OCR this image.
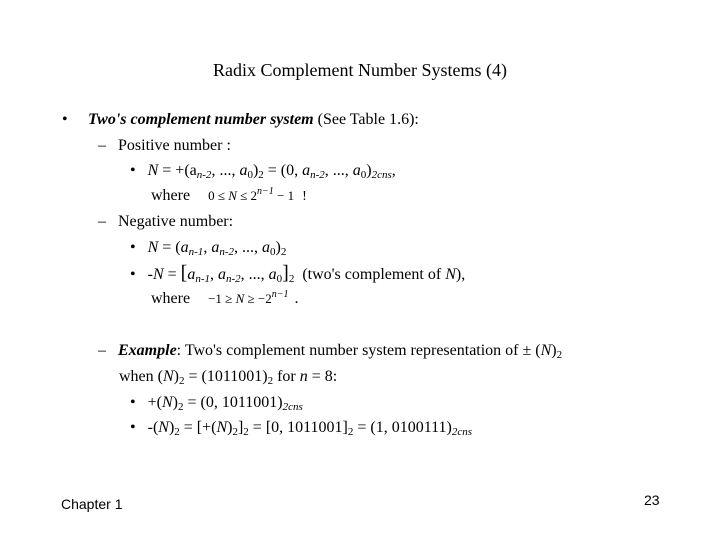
Radix Complement Number Systems (4)
• Two's complement number system (See Table 1.6):
– Positive number :
• $N = +(a_{n-2}$, ..., $a_0)_2 = (0$, $a_{n-2}$, ..., $a_0)_{2cns}$,
where $0 \le N \le 2^{n-1} - 1$ !
– Negative number:
• $N = (a_{n-1}$, $a_{n-2}$, ..., $a_0)_2$
• $-N = [a_{n-1}$, $a_{n-2}$, ..., $a_0]_2$  (two's complement of N),
where $-1 \ge N \ge -2^{n-1}$ .
– Example: Two's complement number system representation of ± $(N)_2$
when $(N)_2 = (1011001)_2$ for n = 8:
• $+(N)_2 = (0$, $1011001)_{2cns}$
• $-(N)_2 = [+(N)_2]_2 = [0$, $1011001]_2 = (1$, $0100111)_{2cns}$
Chapter 1	23
